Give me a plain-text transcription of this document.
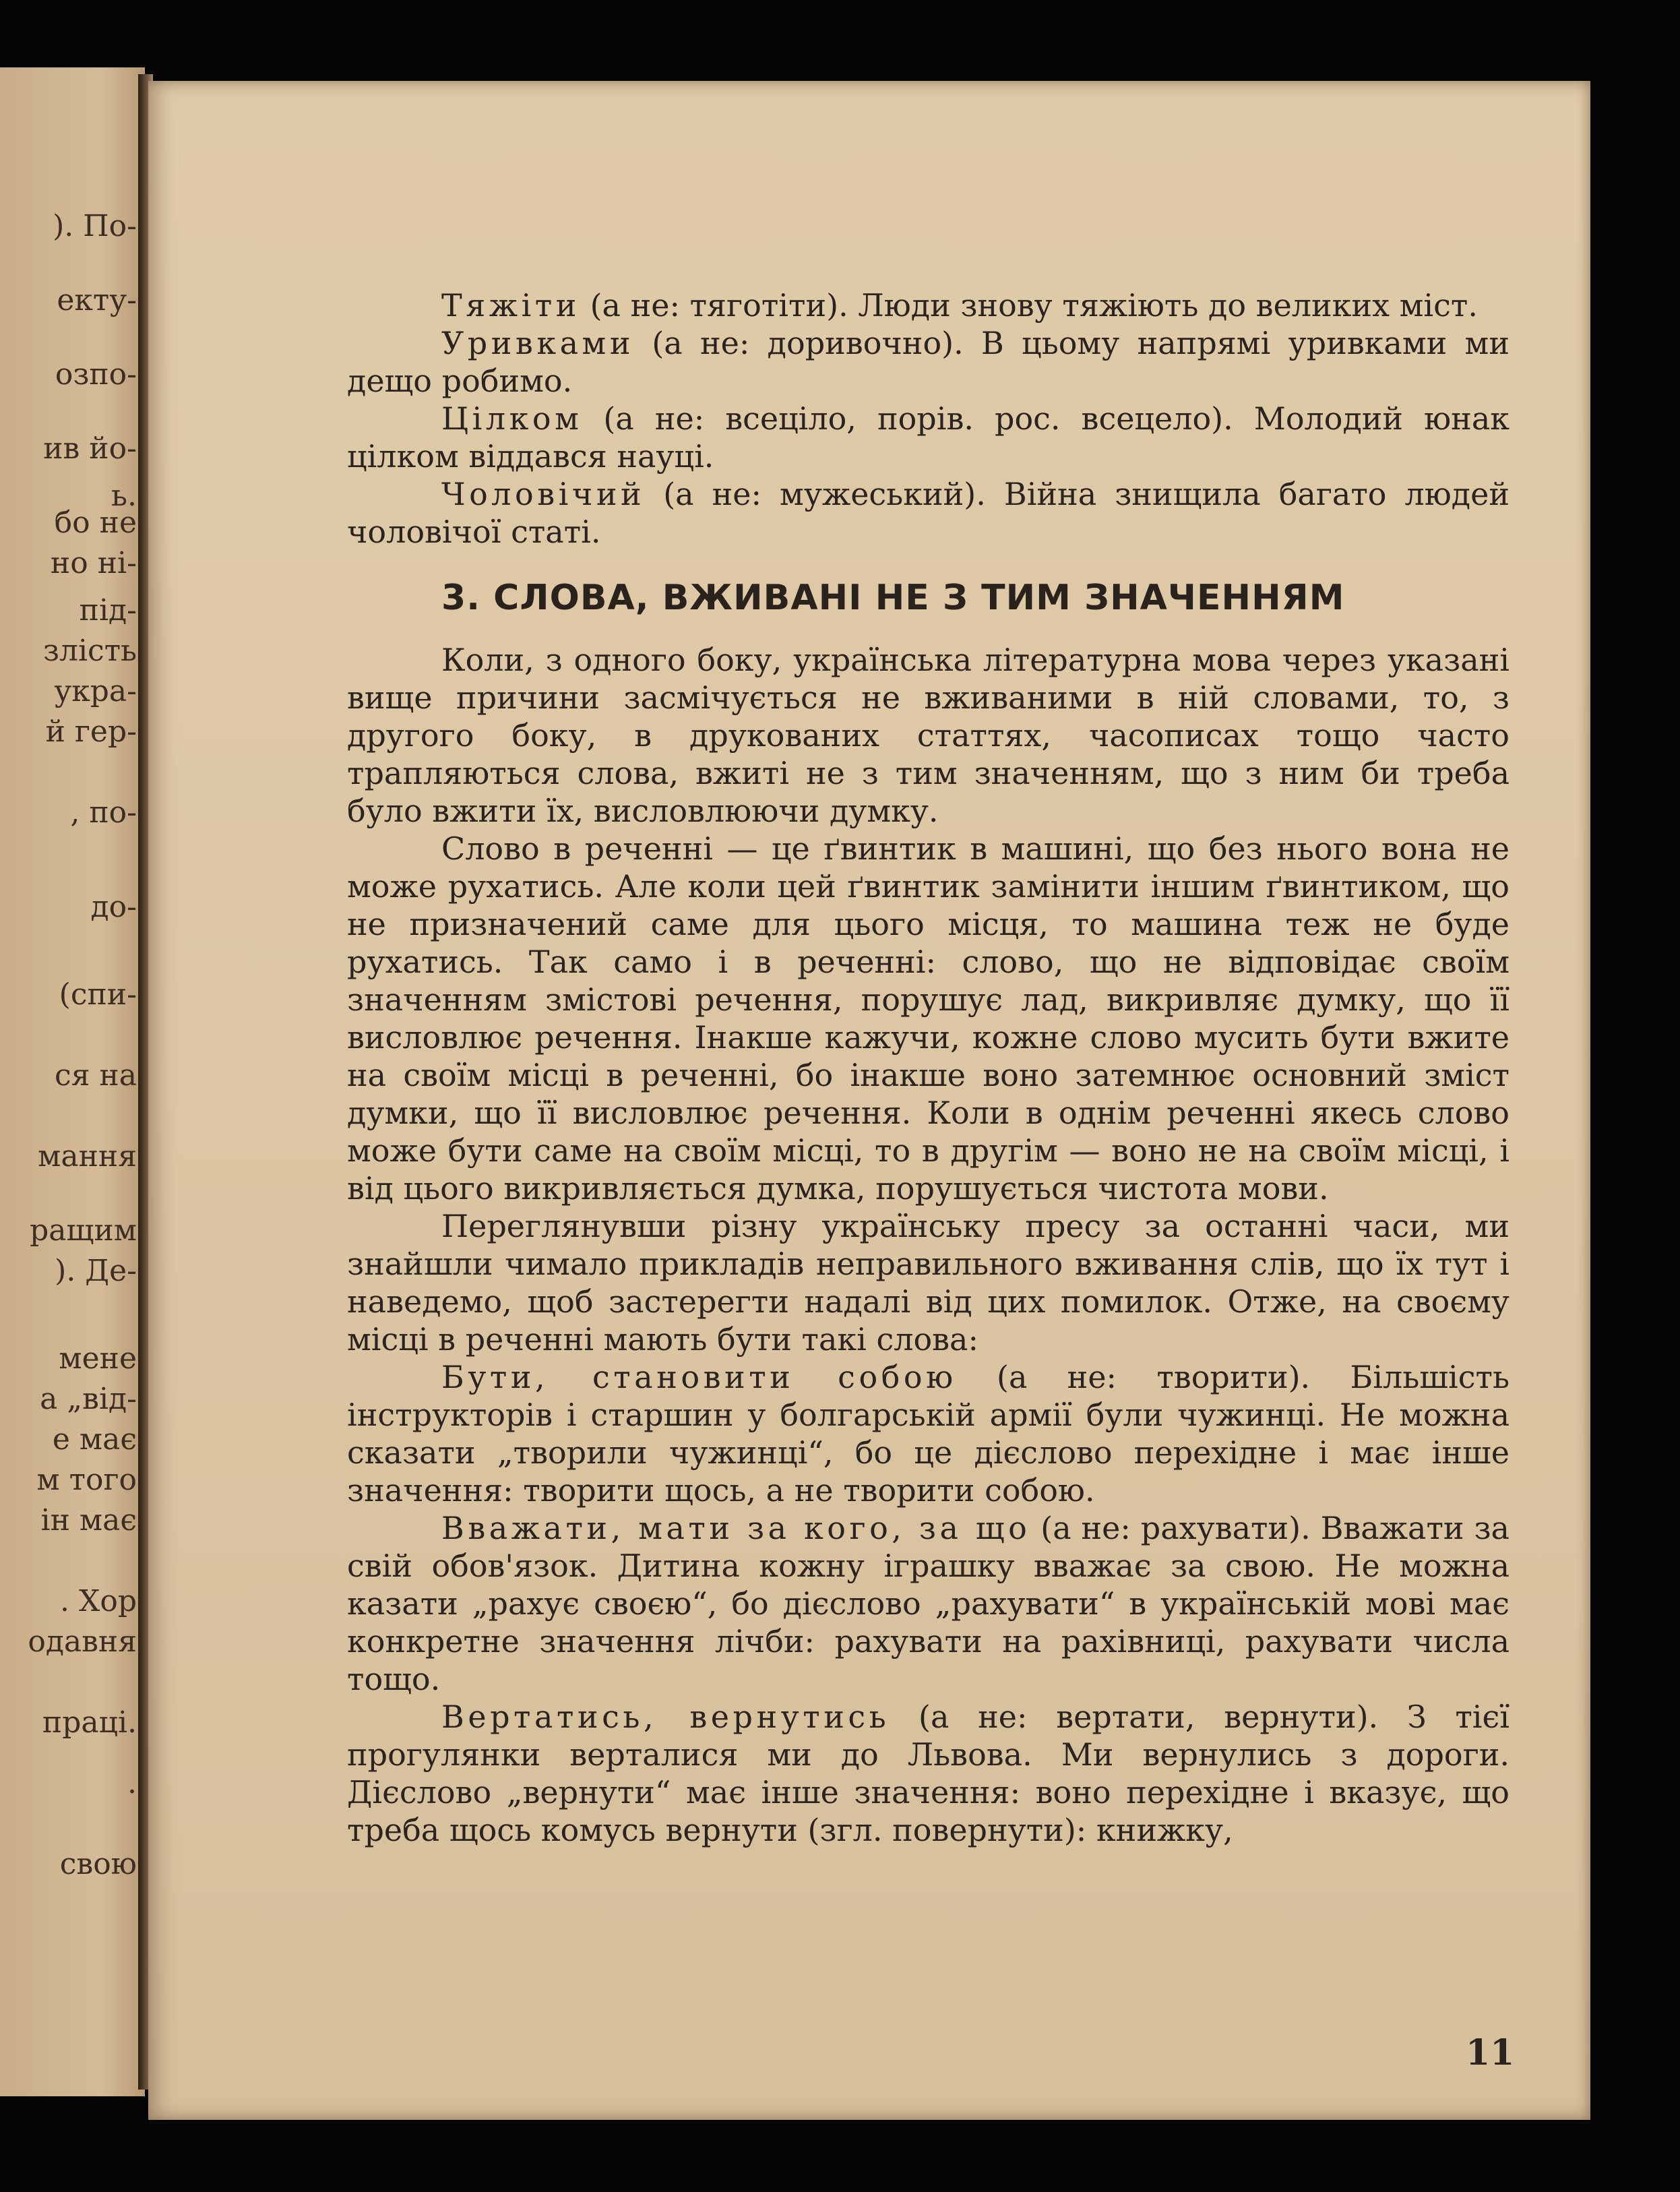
). По-
екту-
озпо-
ив йо-
ь.
бо не
но ні-
під-
злість
укра-
й гер-
, по-
до-
(спи-
ся на
мання
ращим
). Де-
мене
а „від-
е має
м того
ін має
. Хор
одавня
праці.
.
свою

Тяжіти (а не: тяготіти). Люди знову тяжіють до великих міст.

Уривками (а не: доривочно). В цьому напрямі уривками ми дещо робимо.

Цілком (а не: всеціло, порів. рос. всецело). Молодий юнак цілком віддався науці.

Чоловічий (а не: мужеський). Війна знищила багато людей чоловічої статі.

3. СЛОВА, ВЖИВАНІ НЕ З ТИМ ЗНАЧЕННЯМ

Коли, з одного боку, українська літературна мова через указані вище причини засмічується не вживаними в ній словами, то, з другого боку, в друкованих статтях, часописах тощо часто трапляються слова, вжиті не з тим значенням, що з ним би треба було вжити їх, висловлюючи думку.

Слово в реченні — це ґвинтик в машині, що без нього вона не може рухатись. Але коли цей ґвинтик замінити іншим ґвинтиком, що не призначений саме для цього місця, то машина теж не буде рухатись. Так само і в реченні: слово, що не відповідає своїм значенням змістові речення, порушує лад, викривляє думку, що її висловлює речення. Інакше кажучи, кожне слово мусить бути вжите на своїм місці в реченні, бо інакше воно затемнює основний зміст думки, що її висловлює речення. Коли в однім реченні якесь слово може бути саме на своїм місці, то в другім — воно не на своїм місці, і від цього викривляється думка, порушується чистота мови.

Переглянувши різну українську пресу за останні часи, ми знайшли чимало прикладів неправильного вживання слів, що їх тут і наведемо, щоб застерегти надалі від цих помилок. Отже, на своєму місці в реченні мають бути такі слова:

Бути, становити собою (а не: творити). Більшість інструкторів і старшин у болгарській армії були чужинці. Не можна сказати „творили чужинці“, бо це дієслово перехідне і має інше значення: творити щось, а не творити собою.

Вважати, мати за кого, за що (а не: рахувати). Вважати за свій обов'язок. Дитина кожну іграшку вважає за свою. Не можна казати „рахує своєю“, бо дієслово „рахувати“ в українській мові має конкретне значення лічби: рахувати на рахівниці, рахувати числа тощо.

Вертатись, вернутись (а не: вертати, вернути). З тієї прогулянки верталися ми до Львова. Ми вернулись з дороги. Дієслово „вернути“ має інше значення: воно перехідне і вказує, що треба щось комусь вернути (згл. повернути): книжку,

11
